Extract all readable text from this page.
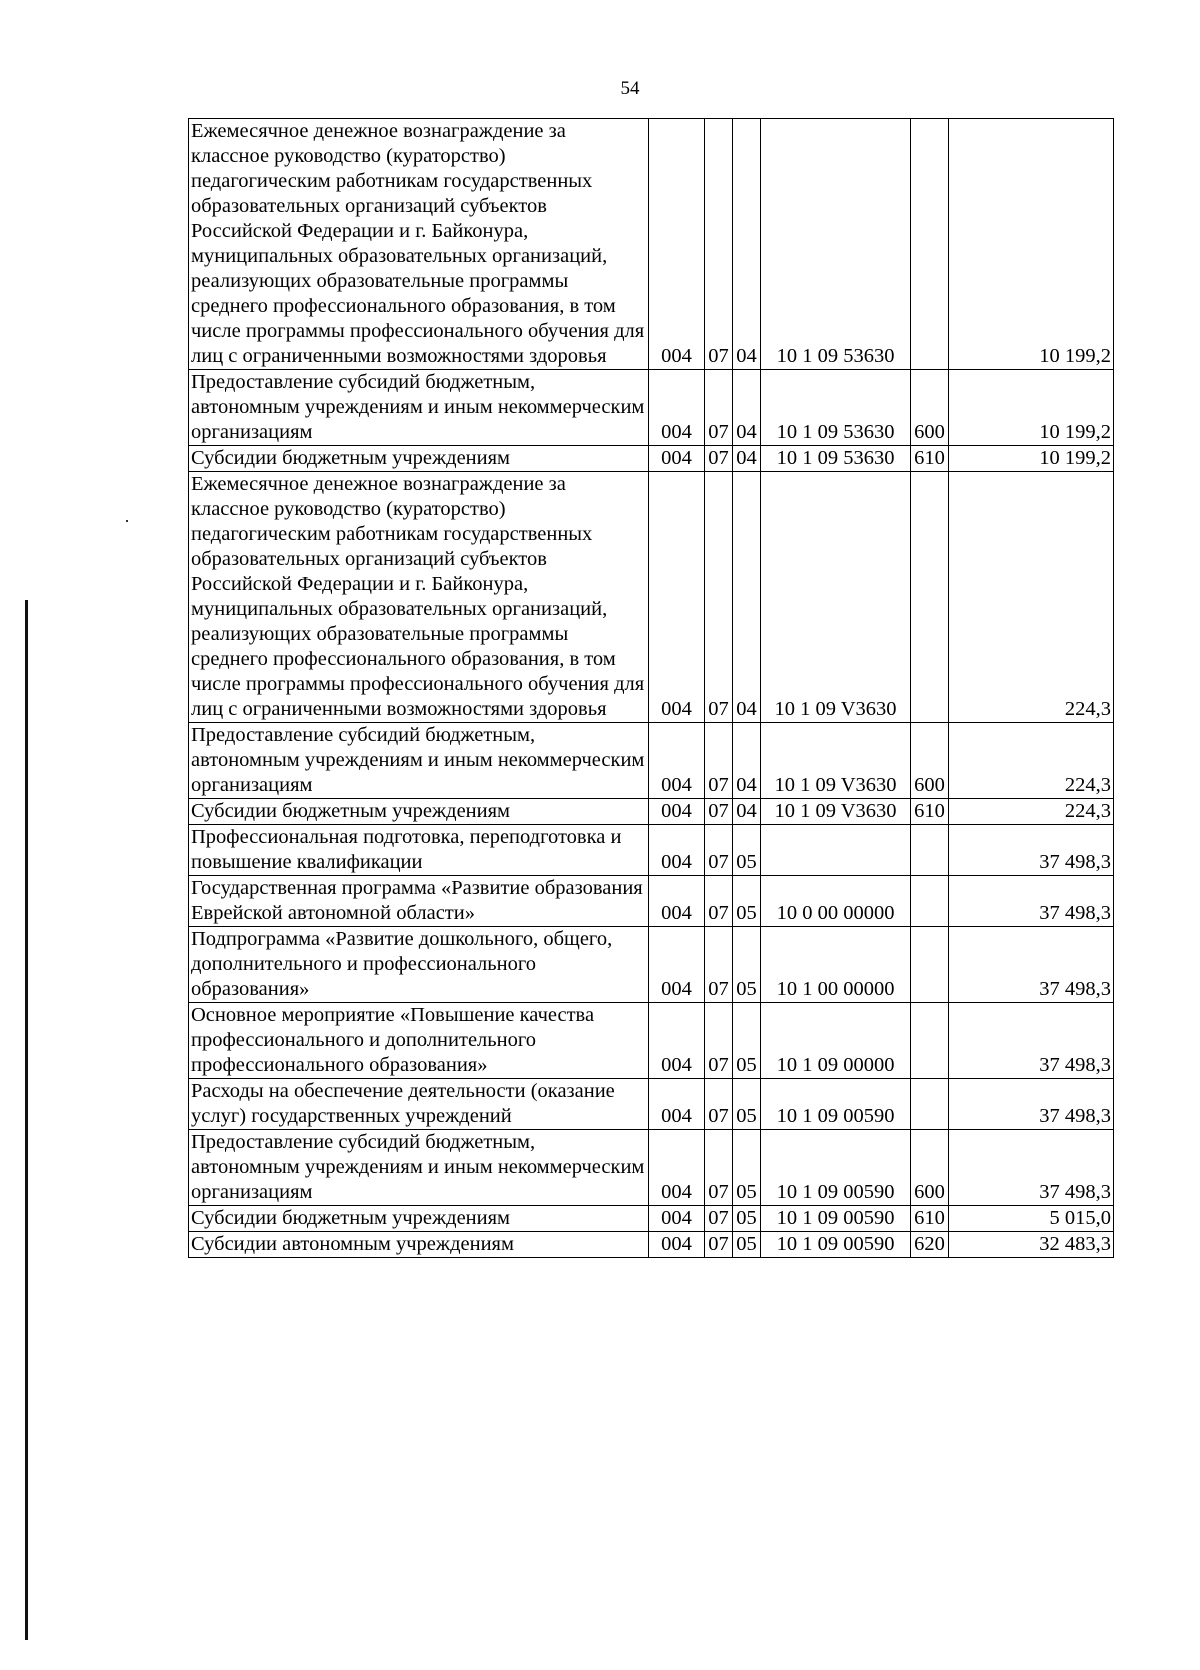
54
Ежемесячное денежное вознаграждение за классное руководство (кураторство) педагогическим работникам государственных образовательных организаций субъектов Российской Федерации и г. Байконура, муниципальных образовательных организаций, реализующих образовательные программы среднего профессионального образования, в том числе программы профессионального обучения для лиц с ограниченными возможностями здоровья	004	07	04	10 1 09 53630		10 199,2
Предоставление субсидий бюджетным, автономным учреждениям и иным некоммерческим организациям	004	07	04	10 1 09 53630	600	10 199,2
Субсидии бюджетным учреждениям	004	07	04	10 1 09 53630	610	10 199,2
Ежемесячное денежное вознаграждение за классное руководство (кураторство) педагогическим работникам государственных образовательных организаций субъектов Российской Федерации и г. Байконура, муниципальных образовательных организаций, реализующих образовательные программы среднего профессионального образования, в том числе программы профессионального обучения для лиц с ограниченными возможностями здоровья	004	07	04	10 1 09 V3630		224,3
Предоставление субсидий бюджетным, автономным учреждениям и иным некоммерческим организациям	004	07	04	10 1 09 V3630	600	224,3
Субсидии бюджетным учреждениям	004	07	04	10 1 09 V3630	610	224,3
Профессиональная подготовка, переподготовка и повышение квалификации	004	07	05			37 498,3
Государственная программа «Развитие образования Еврейской автономной области»	004	07	05	10 0 00 00000		37 498,3
Подпрограмма «Развитие дошкольного, общего, дополнительного и профессионального образования»	004	07	05	10 1 00 00000		37 498,3
Основное мероприятие «Повышение качества профессионального и дополнительного профессионального образования»	004	07	05	10 1 09 00000		37 498,3
Расходы на обеспечение деятельности (оказание услуг) государственных учреждений	004	07	05	10 1 09 00590		37 498,3
Предоставление субсидий бюджетным, автономным учреждениям и иным некоммерческим организациям	004	07	05	10 1 09 00590	600	37 498,3
Субсидии бюджетным учреждениям	004	07	05	10 1 09 00590	610	5 015,0
Субсидии автономным учреждениям	004	07	05	10 1 09 00590	620	32 483,3
